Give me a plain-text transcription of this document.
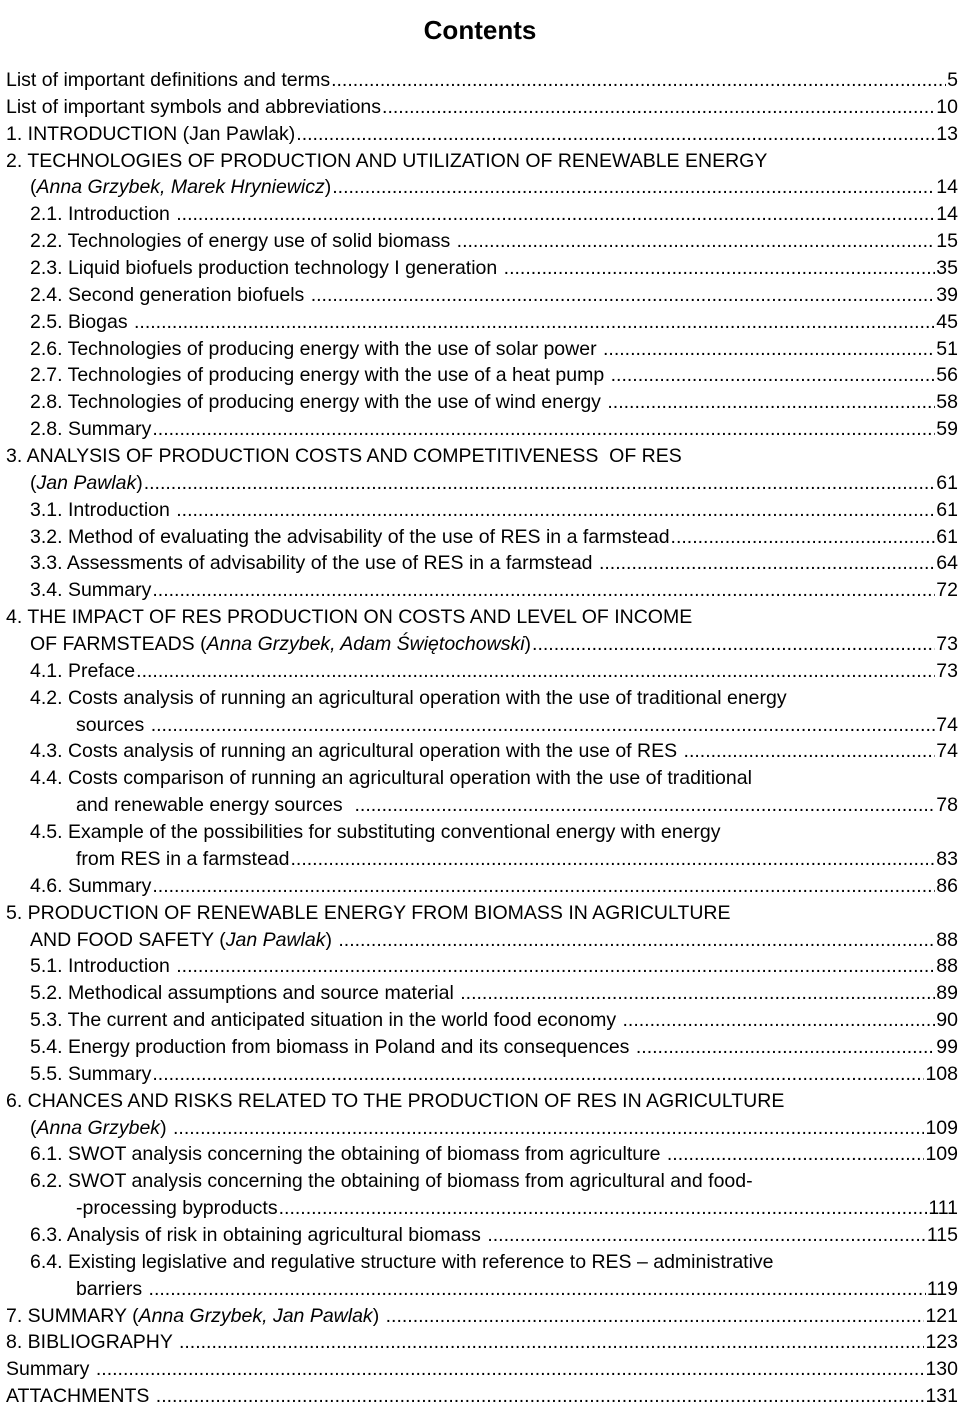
Contents
List of important definitions and terms .....	5
List of important symbols and abbreviations .....	10
1. INTRODUCTION (Jan Pawlak) .....	13
2. TECHNOLOGIES OF PRODUCTION AND UTILIZATION OF RENEWABLE ENERGY
(Anna Grzybek, Marek Hryniewicz) .....	14
2.1. Introduction .....	14
2.2. Technologies of energy use of solid biomass .....	15
2.3. Liquid biofuels production technology I generation .....	35
2.4. Second generation biofuels .....	39
2.5. Biogas .....	45
2.6. Technologies of producing energy with the use of solar power .....	51
2.7. Technologies of producing energy with the use of a heat pump .....	56
2.8. Technologies of producing energy with the use of wind energy .....	58
2.8. Summary .....	59
3. ANALYSIS OF PRODUCTION COSTS AND COMPETITIVENESS  OF RES
(Jan Pawlak) .....	61
3.1. Introduction .....	61
3.2. Method of evaluating the advisability of the use of RES in a farmstead .....	61
3.3. Assessments of advisability of the use of RES in a farmstead .....	64
3.4. Summary .....	72
4. THE IMPACT OF RES PRODUCTION ON COSTS AND LEVEL OF INCOME
OF FARMSTEADS (Anna Grzybek, Adam Świętochowski) .....	73
4.1. Preface .....	73
4.2. Costs analysis of running an agricultural operation with the use of traditional energy
sources .....	74
4.3. Costs analysis of running an agricultural operation with the use of RES .....	74
4.4. Costs comparison of running an agricultural operation with the use of traditional
and renewable energy sources .....	78
4.5. Example of the possibilities for substituting conventional energy with energy
from RES in a farmstead .....	83
4.6. Summary .....	86
5. PRODUCTION OF RENEWABLE ENERGY FROM BIOMASS IN AGRICULTURE
AND FOOD SAFETY (Jan Pawlak) .....	88
5.1. Introduction .....	88
5.2. Methodical assumptions and source material .....	89
5.3. The current and anticipated situation in the world food economy .....	90
5.4. Energy production from biomass in Poland and its consequences .....	99
5.5. Summary .....	108
6. CHANCES AND RISKS RELATED TO THE PRODUCTION OF RES IN AGRICULTURE
(Anna Grzybek) .....	109
6.1. SWOT analysis concerning the obtaining of biomass from agriculture .....	109
6.2. SWOT analysis concerning the obtaining of biomass from agricultural and food-
-processing byproducts .....	111
6.3. Analysis of risk in obtaining agricultural biomass .....	115
6.4. Existing legislative and regulative structure with reference to RES – administrative
barriers .....	119
7. SUMMARY (Anna Grzybek, Jan Pawlak) .....	121
8. BIBLIOGRAPHY .....	123
Summary .....	130
ATTACHMENTS .....	131
